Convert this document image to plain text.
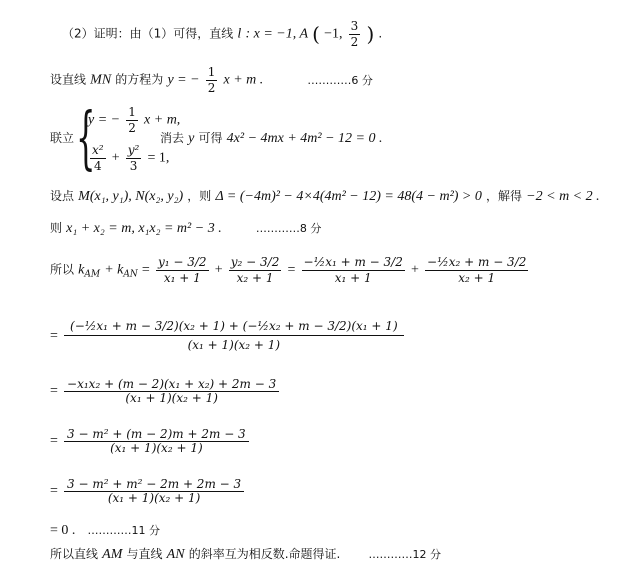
（2）证明：由（1）可得，直线 l : x = −1, A ( −1, $\frac{3}{2}$ ) .
设直线 MN 的方程为 y = − $\frac{1}{2}$ x + m .	…………6 分
联立 {
y = − $\frac{1}{2}$ x + m,
$\frac{\text{x²}}{4} + \frac{\text{y²}}{3} = 1$,
消去 y 可得 4x² − 4mx + 4m² − 12 = 0 .
设点 M(x₁, y₁), N(x₂, y₂) ，则 Δ = (−4m)² − 4×4(4m² − 12) = 48(4 − m²) > 0 ，解得 −2 < m < 2 .
则 x₁ + x₂ = m, x₁x₂ = m² − 3 .	…………8 分
所以 $k_{AM} + k_{AN} = \frac{\text{y₁ − 3/2}}{\text{x₁ + 1}} + \frac{\text{y₂ − 3/2}}{\text{x₂ + 1}} = \frac{\text{−½x₁ + m − 3/2}}{\text{x₁ + 1}} + \frac{\text{−½x₂ + m − 3/2}}{\text{x₂ + 1}}$
= $\frac{\text{(−½x₁ + m − 3/2)(x₂ + 1) + (−½x₂ + m − 3/2)(x₁ + 1)}}{\text{(x₁ + 1)(x₂ + 1)}}$
= $\frac{\text{−x₁x₂ + (m − 2)(x₁ + x₂) + 2m − 3}}{\text{(x₁ + 1)(x₂ + 1)}}$
= $\frac{\text{3 − m² + (m − 2)m + 2m − 3}}{\text{(x₁ + 1)(x₂ + 1)}}$
= $\frac{\text{3 − m² + m² − 2m + 2m − 3}}{\text{(x₁ + 1)(x₂ + 1)}}$
= 0 . …………11 分
所以直线 AM 与直线 AN 的斜率互为相反数.命题得证.	…………12 分
